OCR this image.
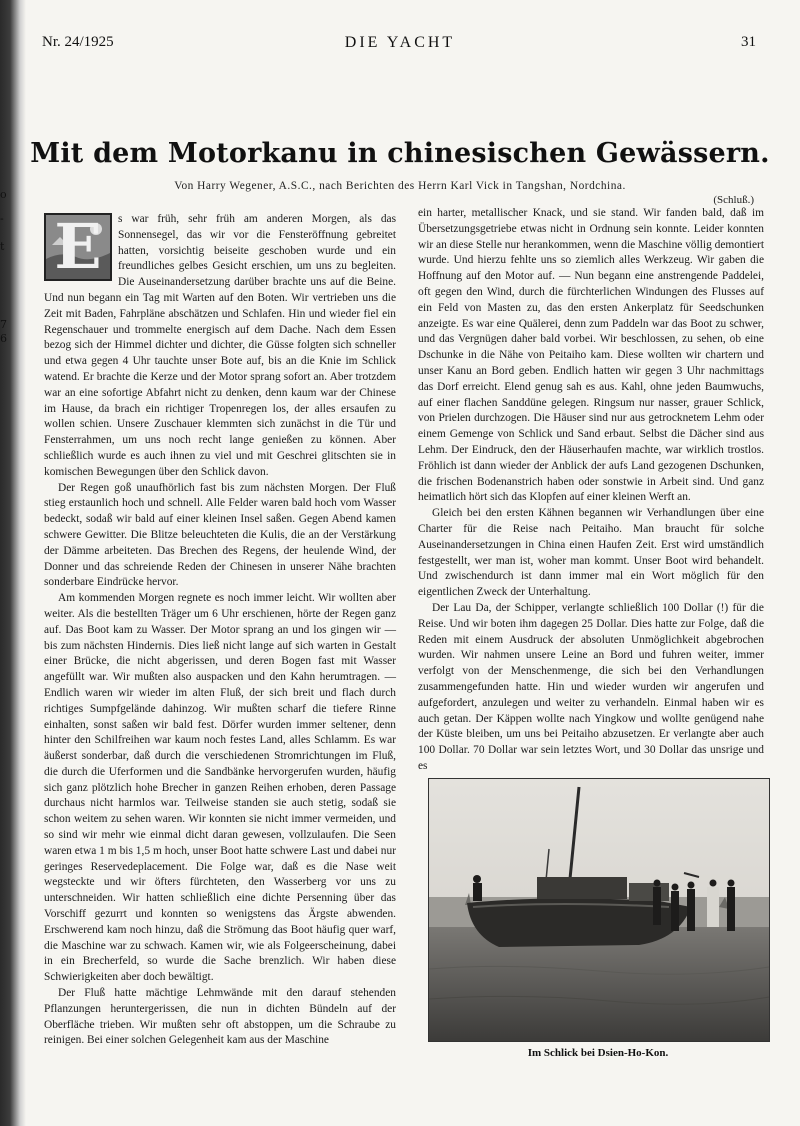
o
-
t
7
6
Nr. 24/1925	DIE YACHT	31
Mit dem Motorkanu in chinesischen Gewässern.
Von Harry Wegener, A.S.C., nach Berichten des Herrn Karl Vick in Tangshan, Nordchina.
(Schluß.)

E	s war früh, sehr früh am anderen Morgen, als das Sonnensegel, das wir vor die Fensteröffnung gebreitet hatten, vorsichtig beiseite geschoben wurde und ein freundliches gelbes Gesicht erschien, um uns zu begleiten. Die Auseinandersetzung darüber brachte uns auf die Beine. Und nun begann ein Tag mit Warten auf den Boten. Wir vertrieben uns die Zeit mit Baden, Fahrpläne abschätzen und Schlafen. Hin und wieder fiel ein Regenschauer und trommelte energisch auf dem Dache. Nach dem Essen bezog sich der Himmel dichter und dichter, die Güsse folgten sich schneller und etwa gegen 4 Uhr tauchte unser Bote auf, bis an die Knie im Schlick watend. Er brachte die Kerze und der Motor sprang sofort an. Aber trotzdem war an eine sofortige Abfahrt nicht zu denken, denn kaum war der Chinese im Hause, da brach ein richtiger Tropenregen los, der alles ersaufen zu wollen schien. Unsere Zuschauer klemmten sich zunächst in die Tür und Fensterrahmen, um uns noch recht lange genießen zu können. Aber schließlich wurde es auch ihnen zu viel und mit Geschrei glitschten sie in komischen Bewegungen über den Schlick davon.

Der Regen goß unaufhörlich fast bis zum nächsten Morgen. Der Fluß stieg erstaunlich hoch und schnell. Alle Felder waren bald hoch vom Wasser bedeckt, sodaß wir bald auf einer kleinen Insel saßen. Gegen Abend kamen schwere Gewitter. Die Blitze beleuchteten die Kulis, die an der Verstärkung der Dämme arbeiteten. Das Brechen des Regens, der heulende Wind, der Donner und das schreiende Reden der Chinesen in unserer Nähe brachten sonderbare Eindrücke hervor.

Am kommenden Morgen regnete es noch immer leicht. Wir wollten aber weiter. Als die bestellten Träger um 6 Uhr erschienen, hörte der Regen ganz auf. Das Boot kam zu Wasser. Der Motor sprang an und los gingen wir — bis zum nächsten Hindernis. Dies ließ nicht lange auf sich warten in Gestalt einer Brücke, die nicht abgerissen, und deren Bogen fast mit Wasser angefüllt war. Wir mußten also auspacken und den Kahn herumtragen. — Endlich waren wir wieder im alten Fluß, der sich breit und flach durch richtiges Sumpfgelände dahinzog. Wir mußten scharf die tiefere Rinne einhalten, sonst saßen wir bald fest. Dörfer wurden immer seltener, denn hinter den Schilfreihen war kaum noch festes Land, alles Schlamm. Es war äußerst sonderbar, daß durch die verschiedenen Stromrichtungen im Fluß, die durch die Uferformen und die Sandbänke hervorgerufen wurden, häufig sich ganz plötzlich hohe Brecher in ganzen Reihen erhoben, deren Passage durchaus nicht harmlos war. Teilweise standen sie auch stetig, sodaß sie schon weitem zu sehen waren. Wir konnten sie nicht immer vermeiden, und so sind wir mehr wie einmal dicht daran gewesen, vollzulaufen. Die Seen waren etwa 1 m bis 1,5 m hoch, unser Boot hatte schwere Last und dabei nur geringes Reservedeplacement. Die Folge war, daß es die Nase weit wegsteckte und wir öfters fürchteten, den Wasserberg vor uns zu unterschneiden. Wir hatten schließlich eine dichte Persenning über das Vorschiff gezurrt und konnten so wenigstens das Ärgste abwenden. Erschwerend kam noch hinzu, daß die Strömung das Boot häufig quer warf, die Maschine war zu schwach. Kamen wir, wie als Folgeerscheinung, dabei in ein Brecherfeld, so wurde die Sache brenzlich. Wir haben diese Schwierigkeiten aber doch bewältigt.

Der Fluß hatte mächtige Lehmwände mit den darauf stehenden Pflanzungen heruntergerissen, die nun in dichten Bündeln auf der Oberfläche trieben. Wir mußten sehr oft abstoppen, um die Schraube zu reinigen. Bei einer solchen Gelegenheit kam aus der Maschine

ein harter, metallischer Knack, und sie stand. Wir fanden bald, daß im Übersetzungsgetriebe etwas nicht in Ordnung sein konnte. Leider konnten wir an diese Stelle nur herankommen, wenn die Maschine völlig demontiert wurde. Und hierzu fehlte uns so ziemlich alles Werkzeug. Wir gaben die Hoffnung auf den Motor auf. — Nun begann eine anstrengende Paddelei, oft gegen den Wind, durch die fürchterlichen Windungen des Flusses auf ein Feld von Masten zu, das den ersten Ankerplatz für Seedschunken anzeigte. Es war eine Quälerei, denn zum Paddeln war das Boot zu schwer, und das Vergnügen daher bald vorbei. Wir beschlossen, zu sehen, ob eine Dschunke in die Nähe von Peitaiho kam. Diese wollten wir chartern und unser Kanu an Bord geben. Endlich hatten wir gegen 3 Uhr nachmittags das Dorf erreicht. Elend genug sah es aus. Kahl, ohne jeden Baumwuchs, auf einer flachen Sanddüne gelegen. Ringsum nur nasser, grauer Schlick, von Prielen durchzogen. Die Häuser sind nur aus getrocknetem Lehm oder einem Gemenge von Schlick und Sand erbaut. Selbst die Dächer sind aus Lehm. Der Eindruck, den der Häuserhaufen machte, war wirklich trostlos. Fröhlich ist dann wieder der Anblick der aufs Land gezogenen Dschunken, die frischen Bodenanstrich haben oder sonstwie in Arbeit sind. Und ganz heimatlich hört sich das Klopfen auf einer kleinen Werft an.

Gleich bei den ersten Kähnen begannen wir Verhandlungen über eine Charter für die Reise nach Peitaiho. Man braucht für solche Auseinandersetzungen in China einen Haufen Zeit. Erst wird umständlich festgestellt, wer man ist, woher man kommt. Unser Boot wird behandelt. Und zwischendurch ist dann immer mal ein Wort möglich für den eigentlichen Zweck der Unterhaltung.

Der Lau Da, der Schipper, verlangte schließlich 100 Dollar (!) für die Reise. Und wir boten ihm dagegen 25 Dollar. Dies hatte zur Folge, daß die Reden mit einem Ausdruck der absoluten Unmöglichkeit abgebrochen wurden. Wir nahmen unsere Leine an Bord und fuhren weiter, immer verfolgt von der Menschenmenge, die sich bei den Verhandlungen zusammengefunden hatte. Hin und wieder wurden wir angerufen und aufgefordert, anzulegen und weiter zu verhandeln. Einmal haben wir es auch getan. Der Käppen wollte nach Yingkow und wollte genügend nahe der Küste bleiben, um uns bei Peitaiho abzusetzen. Er verlangte aber auch 100 Dollar. 70 Dollar war sein letztes Wort, und 30 Dollar das unsrige und es

Im Schlick bei Dsien-Ho-Kon.
